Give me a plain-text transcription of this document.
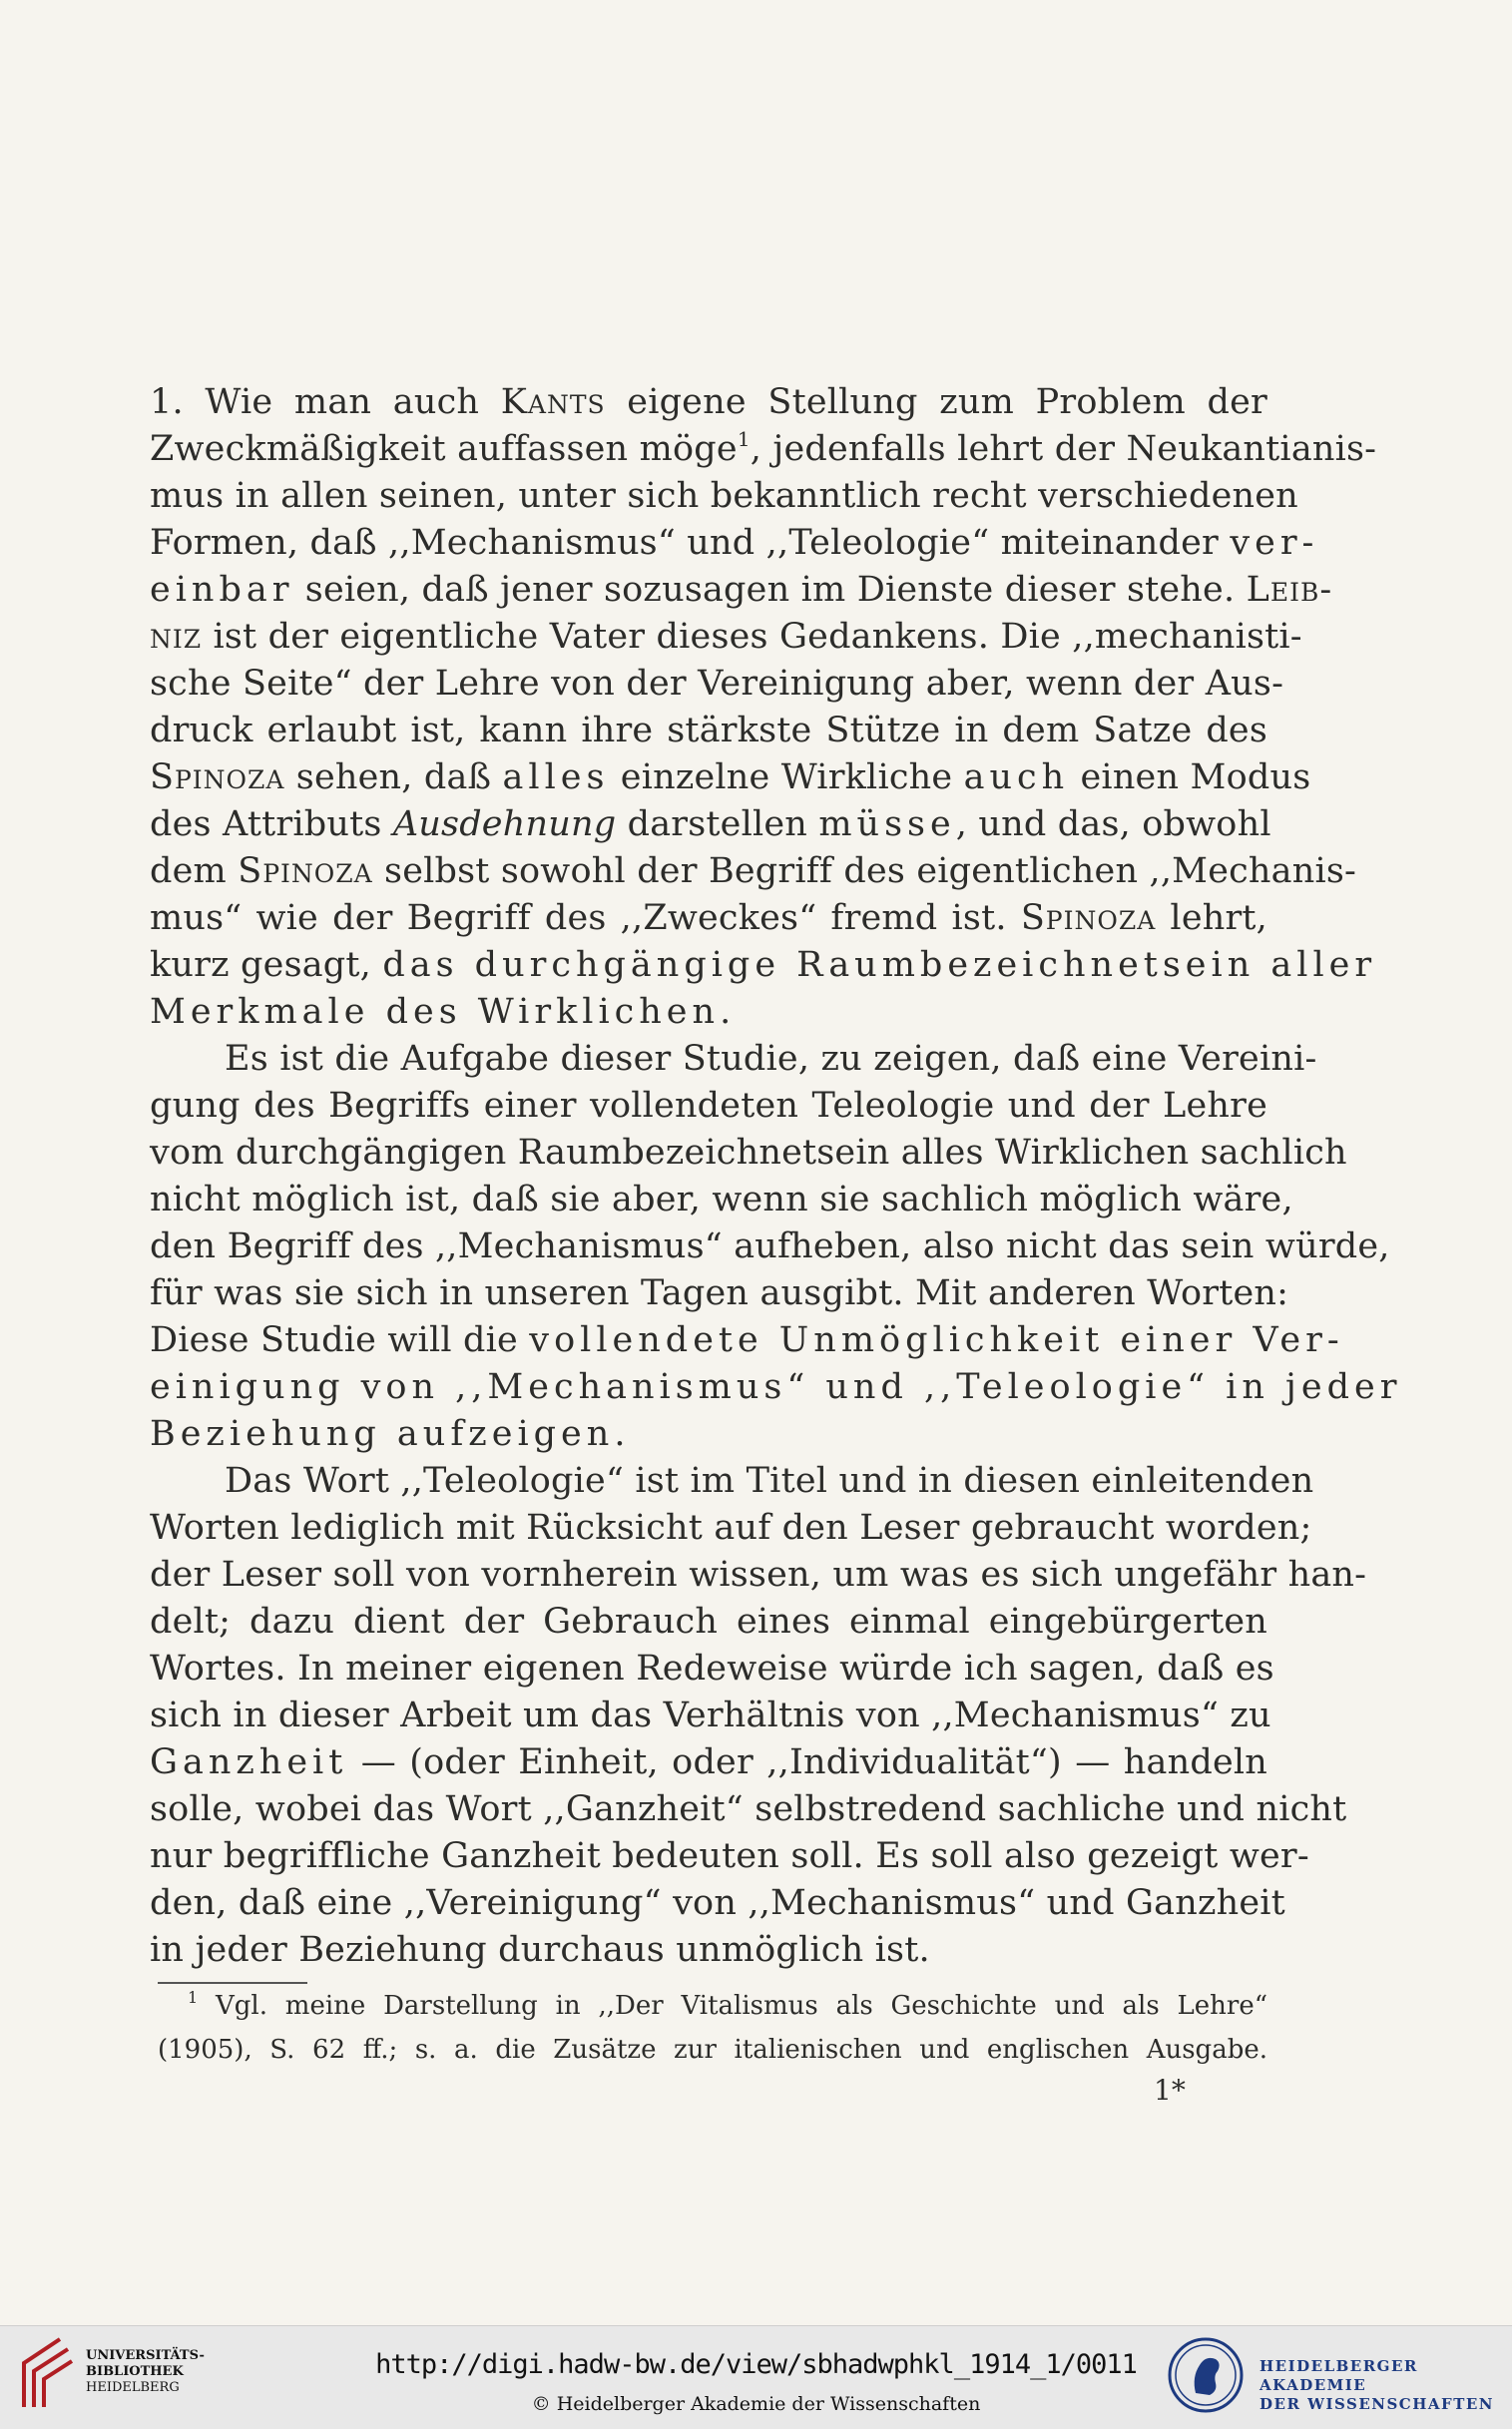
1. Wie man auch Kants eigene Stellung zum Problem der
Zweckmäßigkeit auffassen möge$^1$, jedenfalls lehrt der Neukantianis-
mus in allen seinen, unter sich bekanntlich recht verschiedenen
Formen, daß ,,Mechanismus“ und ,,Teleologie“ miteinander ver-
einbar seien, daß jener sozusagen im Dienste dieser stehe. Leib-
niz ist der eigentliche Vater dieses Gedankens. Die ,,mechanisti-
sche Seite“ der Lehre von der Vereinigung aber, wenn der Aus-
druck erlaubt ist, kann ihre stärkste Stütze in dem Satze des
Spinoza sehen, daß alles einzelne Wirkliche auch einen Modus
des Attributs Ausdehnung darstellen müsse, und das, obwohl
dem Spinoza selbst sowohl der Begriff des eigentlichen ,,Mechanis-
mus“ wie der Begriff des ,,Zweckes“ fremd ist. Spinoza lehrt,
kurz gesagt, das durchgängige Raumbezeichnetsein aller
Merkmale des Wirklichen.
Es ist die Aufgabe dieser Studie, zu zeigen, daß eine Vereini-
gung des Begriffs einer vollendeten Teleologie und der Lehre
vom durchgängigen Raumbezeichnetsein alles Wirklichen sachlich
nicht möglich ist, daß sie aber, wenn sie sachlich möglich wäre,
den Begriff des ,,Mechanismus“ aufheben, also nicht das sein würde,
für was sie sich in unseren Tagen ausgibt. Mit anderen Worten:
Diese Studie will die vollendete Unmöglichkeit einer Ver-
einigung von ,,Mechanismus“ und ,,Teleologie“ in jeder
Beziehung aufzeigen.
Das Wort ,,Teleologie“ ist im Titel und in diesen einleitenden
Worten lediglich mit Rücksicht auf den Leser gebraucht worden;
der Leser soll von vornherein wissen, um was es sich ungefähr han-
delt; dazu dient der Gebrauch eines einmal eingebürgerten
Wortes. In meiner eigenen Redeweise würde ich sagen, daß es
sich in dieser Arbeit um das Verhältnis von ,,Mechanismus“ zu
Ganzheit — (oder Einheit, oder ,,Individualität“) — handeln
solle, wobei das Wort ,,Ganzheit“ selbstredend sachliche und nicht
nur begriffliche Ganzheit bedeuten soll. Es soll also gezeigt wer-
den, daß eine ,,Vereinigung“ von ,,Mechanismus“ und Ganzheit
in jeder Beziehung durchaus unmöglich ist.
$^1$ Vgl. meine Darstellung in ,,Der Vitalismus als Geschichte und als Lehre“
(1905), S. 62 ff.; s. a. die Zusätze zur italienischen und englischen Ausgabe.
1*
UNIVERSITÄTS-
BIBLIOTHEK
HEIDELBERG
http://digi.hadw-bw.de/view/sbhadwphkl_1914_1/0011
© Heidelberger Akademie der Wissenschaften
HEIDELBERGER AKADEMIE
DER WISSENSCHAFTEN
